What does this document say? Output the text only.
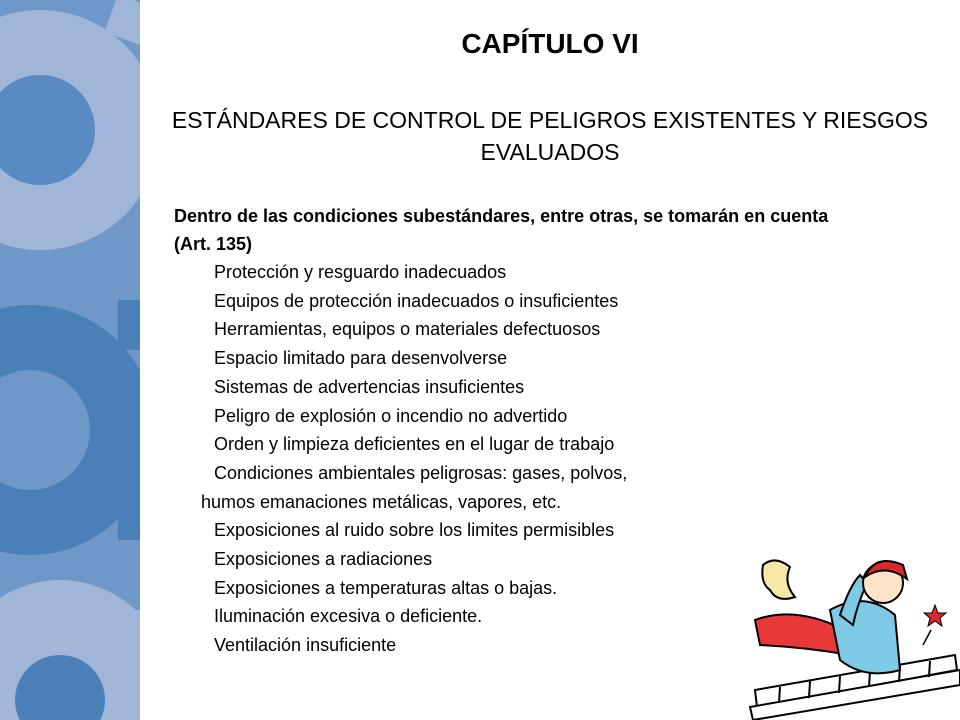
CAPÍTULO VI
ESTÁNDARES DE CONTROL DE PELIGROS EXISTENTES Y RIESGOS EVALUADOS
Dentro de las condiciones subestándares, entre otras, se tomarán en cuenta (Art. 135)
Protección y resguardo inadecuados
Equipos de protección inadecuados o insuficientes
Herramientas, equipos o materiales defectuosos
Espacio limitado para desenvolverse
Sistemas de advertencias insuficientes
Peligro de explosión o incendio no advertido
Orden y limpieza deficientes en el lugar de trabajo
Condiciones ambientales peligrosas: gases, polvos,
humos emanaciones metálicas, vapores, etc.
Exposiciones al ruido sobre los limites permisibles
Exposiciones a radiaciones
Exposiciones a temperaturas altas o bajas.
Iluminación excesiva o deficiente.
Ventilación insuficiente
